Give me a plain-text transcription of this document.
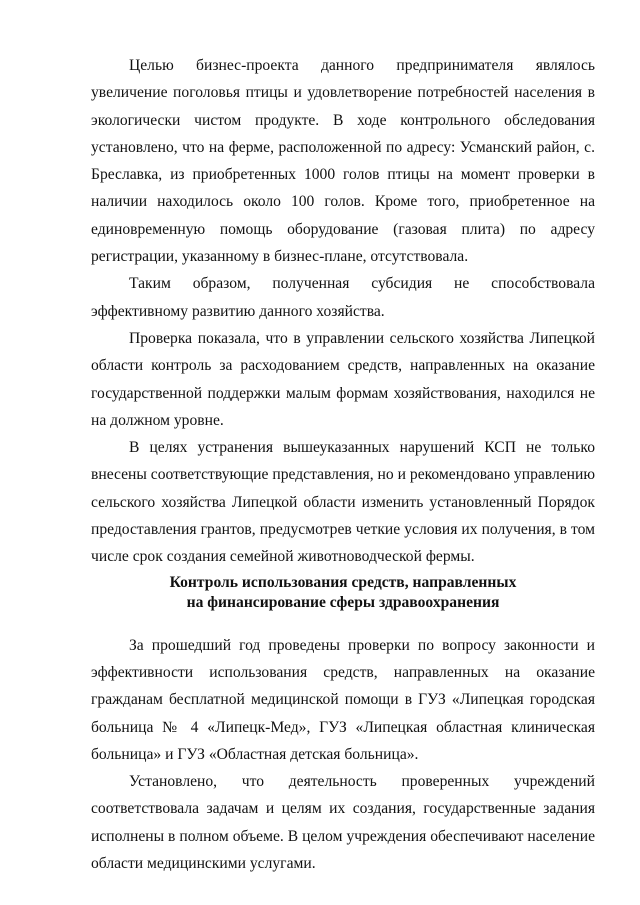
Целью бизнес-проекта данного предпринимателя являлось увеличение поголовья птицы и удовлетворение потребностей населения в экологически чистом продукте. В ходе контрольного обследования установлено, что на ферме, расположенной по адресу: Усманский район, с. Бреславка, из приобретенных 1000 голов птицы на момент проверки в наличии находилось около 100 голов. Кроме того, приобретенное на единовременную помощь оборудование (газовая плита) по адресу регистрации, указанному в бизнес-плане, отсутствовала.

Таким образом, полученная субсидия не способствовала эффективному развитию данного хозяйства.

Проверка показала, что в управлении сельского хозяйства Липецкой области контроль за расходованием средств, направленных на оказание государственной поддержки малым формам хозяйствования, находился не на должном уровне.

В целях устранения вышеуказанных нарушений КСП не только внесены соответствующие представления, но и рекомендовано управлению сельского хозяйства Липецкой области изменить установленный Порядок предоставления грантов, предусмотрев четкие условия их получения, в том числе срок создания семейной животноводческой фермы.

Контроль использования средств, направленных
на финансирование сферы здравоохранения

За прошедший год проведены проверки по вопросу законности и эффективности использования средств, направленных на оказание гражданам бесплатной медицинской помощи в ГУЗ «Липецкая городская больница № 4 «Липецк-Мед», ГУЗ «Липецкая областная клиническая больница» и ГУЗ «Областная детская больница».

Установлено, что деятельность проверенных учреждений соответствовала задачам и целям их создания, государственные задания исполнены в полном объеме. В целом учреждения обеспечивают население области медицинскими услугами.
